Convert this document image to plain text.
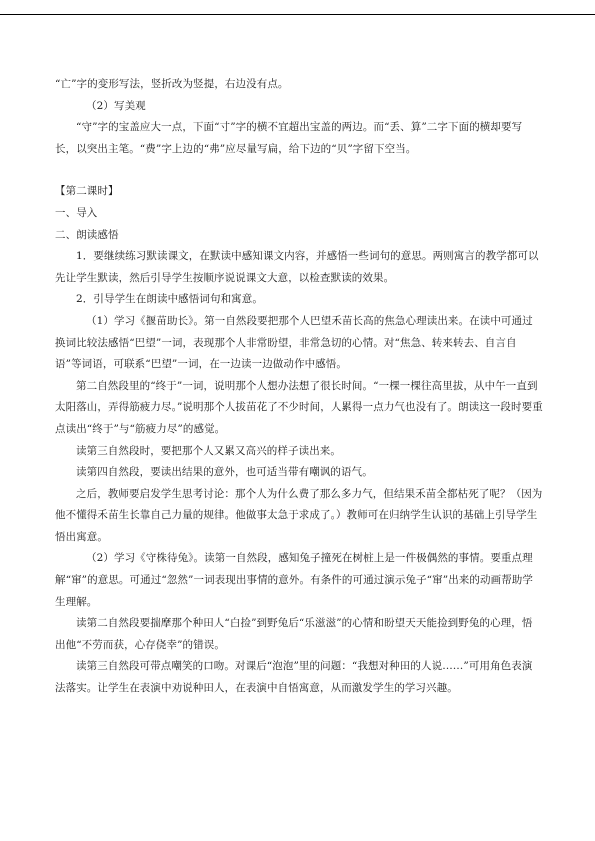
“亡”字的变形写法，竖折改为竖提，右边没有点。

（2）写美观

“守”字的宝盖应大一点，下面“寸”字的横不宜超出宝盖的两边。而“丢、算”二字下面的横却要写长，以突出主笔。“费”字上边的“弗”应尽量写扁，给下边的“贝”字留下空当。

【第二课时】

一、导入

二、朗读感悟

1．要继续练习默读课文，在默读中感知课文内容，并感悟一些词句的意思。两则寓言的教学都可以先让学生默读，然后引导学生按顺序说说课文大意，以检查默读的效果。

2．引导学生在朗读中感悟词句和寓意。

（1）学习《揠苗助长》。第一自然段要把那个人巴望禾苗长高的焦急心理读出来。在读中可通过换词比较法感悟“巴望”一词，表现那个人非常盼望，非常急切的心情。对“焦急、转来转去、自言自语”等词语，可联系“巴望”一词，在一边读一边做动作中感悟。

第二自然段里的“终于”一词，说明那个人想办法想了很长时间。“一棵一棵往高里拔，从中午一直到太阳落山，弄得筋疲力尽。”说明那个人拔苗花了不少时间，人累得一点力气也没有了。朗读这一段时要重点读出“终于”与“筋疲力尽”的感觉。

读第三自然段时，要把那个人又累又高兴的样子读出来。

读第四自然段，要读出结果的意外，也可适当带有嘲讽的语气。

之后，教师要启发学生思考讨论：那个人为什么费了那么多力气，但结果禾苗全都枯死了呢？（因为他不懂得禾苗生长靠自己力量的规律。他做事太急于求成了。）教师可在归纳学生认识的基础上引导学生悟出寓意。

（2）学习《守株待兔》。读第一自然段，感知兔子撞死在树桩上是一件极偶然的事情。要重点理解“窜”的意思。可通过“忽然”一词表现出事情的意外。有条件的可通过演示兔子“窜”出来的动画帮助学生理解。

读第二自然段要揣摩那个种田人“白捡”到野兔后“乐滋滋”的心情和盼望天天能捡到野兔的心理，悟出他“不劳而获，心存侥幸”的错误。

读第三自然段可带点嘲笑的口吻。对课后“泡泡”里的问题：“我想对种田的人说……”可用角色表演法落实。让学生在表演中劝说种田人，在表演中自悟寓意，从而激发学生的学习兴趣。
